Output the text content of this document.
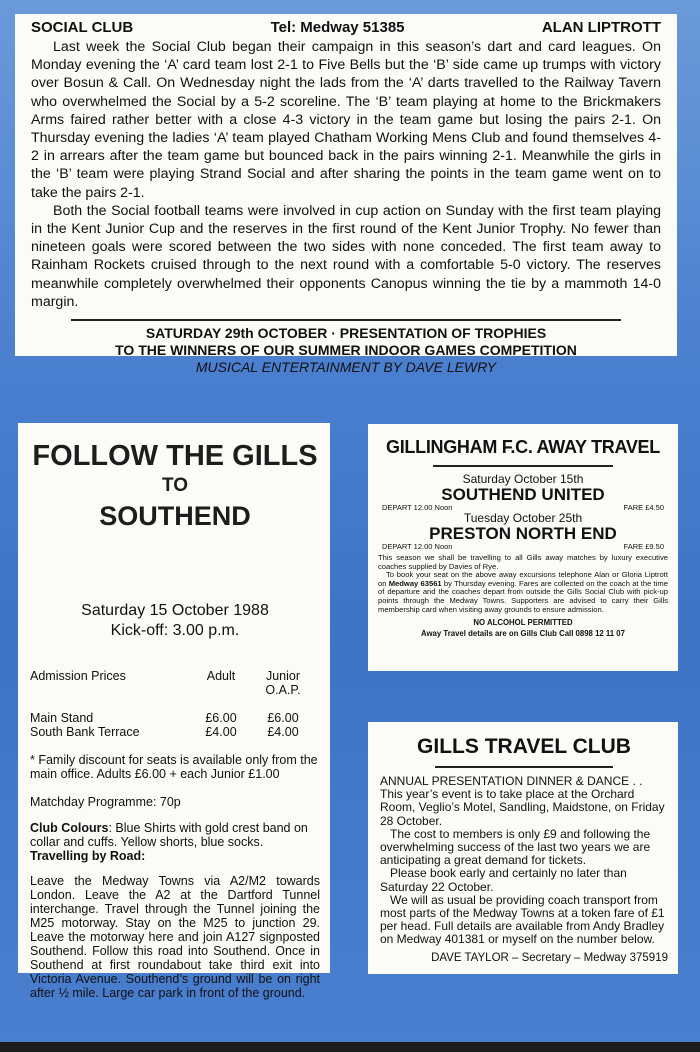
SOCIAL CLUB	Tel: Medway 51385	ALAN LIPTROTT

Last week the Social Club began their campaign in this season’s dart and card leagues. On Monday evening the ‘A’ card team lost 2-1 to Five Bells but the ‘B’ side came up trumps with victory over Bosun & Call. On Wednesday night the lads from the ‘A’ darts travelled to the Railway Tavern who overwhelmed the Social by a 5-2 scoreline. The ‘B’ team playing at home to the Brickmakers Arms faired rather better with a close 4-3 victory in the team game but losing the pairs 2-1. On Thursday evening the ladies ‘A’ team played Chatham Working Mens Club and found themselves 4-2 in arrears after the team game but bounced back in the pairs winning 2-1. Meanwhile the girls in the ‘B’ team were playing Strand Social and after sharing the points in the team game went on to take the pairs 2-1.

Both the Social football teams were involved in cup action on Sunday with the first team playing in the Kent Junior Cup and the reserves in the first round of the Kent Junior Trophy. No fewer than nineteen goals were scored between the two sides with none conceded. The first team away to Rainham Rockets cruised through to the next round with a comfortable 5-0 victory. The reserves meanwhile completely overwhelmed their opponents Canopus winning the tie by a mammoth 14-0 margin.

SATURDAY 29th OCTOBER · PRESENTATION OF TROPHIES
TO THE WINNERS OF OUR SUMMER INDOOR GAMES COMPETITION
MUSICAL ENTERTAINMENT BY DAVE LEWRY
FOLLOW THE GILLS
TO
SOUTHEND
Saturday 15 October 1988
Kick-off: 3.00 p.m.
Admission Prices	Adult	Junior
O.A.P.
Main Stand	£6.00	£6.00
South Bank Terrace	£4.00	£4.00
* Family discount for seats is available only from the main office. Adults £6.00 + each Junior £1.00
Matchday Programme: 70p
Club Colours: Blue Shirts with gold crest band on collar and cuffs. Yellow shorts, blue socks.
Travelling by Road:
Leave the Medway Towns via A2/M2 towards London. Leave the A2 at the Dartford Tunnel interchange. Travel through the Tunnel joining the M25 motorway. Stay on the M25 to junction 29. Leave the motorway here and join A127 signposted Southend. Follow this road into Southend. Once in Southend at first roundabout take third exit into Victoria Avenue. Southend’s ground will be on right after ½ mile. Large car park in front of the ground.
GILLINGHAM F.C. AWAY TRAVEL
Saturday October 15th
SOUTHEND UNITED
DEPART 12.00 Noon	FARE £4.50
Tuesday October 25th
PRESTON NORTH END
DEPART 12.00 Noon	FARE £9.50

This season we shall be travelling to all Gills away matches by luxury executive coaches supplied by Davies of Rye.

To book your seat on the above away excursions telephone Alan or Gloria Liptrott on Medway 63561 by Thursday evening. Fares are collected on the coach at the time of departure and the coaches depart from outside the Gills Social Club with pick-up points through the Medway Towns. Supporters are advised to carry their Gills membership card when visiting away grounds to ensure admission.

NO ALCOHOL PERMITTED
Away Travel details are on Gills Club Call 0898 12 11 07
GILLS TRAVEL CLUB

ANNUAL PRESENTATION DINNER & DANCE . . This year’s event is to take place at the Orchard Room, Veglio’s Motel, Sandling, Maidstone, on Friday 28 October.

The cost to members is only £9 and following the overwhelming success of the last two years we are anticipating a great demand for tickets.

Please book early and certainly no later than Saturday 22 October.

We will as usual be providing coach transport from most parts of the Medway Towns at a token fare of £1 per head. Full details are available from Andy Bradley on Medway 401381 or myself on the number below.

DAVE TAYLOR – Secretary – Medway 375919
